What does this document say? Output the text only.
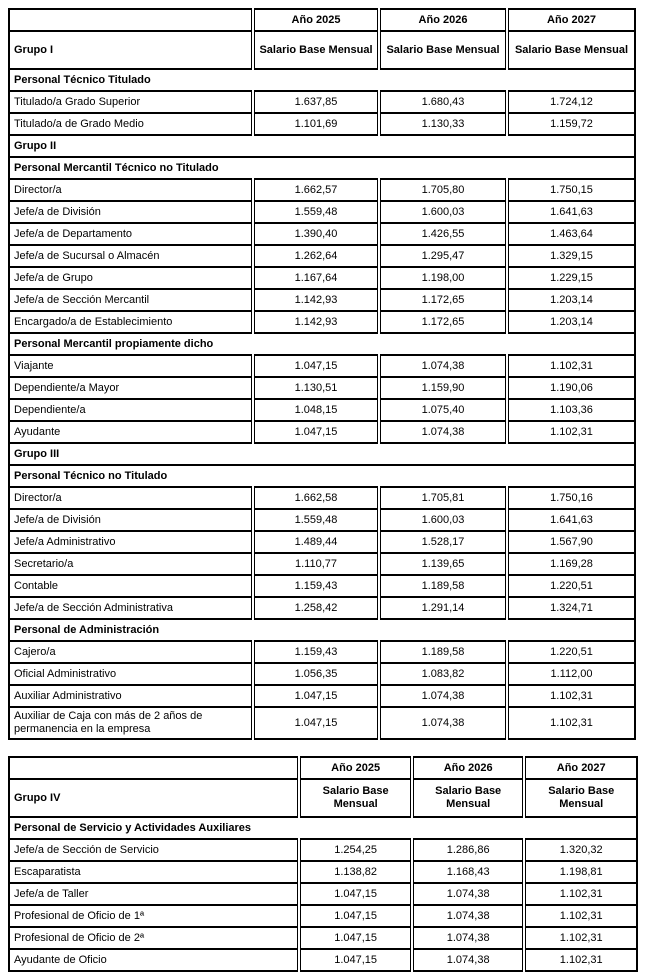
	Año 2025	Año 2026	Año 2027
Grupo I	Salario Base Mensual	Salario Base Mensual	Salario Base Mensual
Personal Técnico Titulado			
Titulado/a Grado Superior	1.637,85	1.680,43	1.724,12
Titulado/a de Grado Medio	1.101,69	1.130,33	1.159,72
Grupo II			
Personal Mercantil Técnico no Titulado			
Director/a	1.662,57	1.705,80	1.750,15
Jefe/a de División	1.559,48	1.600,03	1.641,63
Jefe/a de Departamento	1.390,40	1.426,55	1.463,64
Jefe/a de Sucursal o Almacén	1.262,64	1.295,47	1.329,15
Jefe/a de Grupo	1.167,64	1.198,00	1.229,15
Jefe/a de Sección Mercantil	1.142,93	1.172,65	1.203,14
Encargado/a de Establecimiento	1.142,93	1.172,65	1.203,14
Personal Mercantil propiamente dicho			
Viajante	1.047,15	1.074,38	1.102,31
Dependiente/a Mayor	1.130,51	1.159,90	1.190,06
Dependiente/a	1.048,15	1.075,40	1.103,36
Ayudante	1.047,15	1.074,38	1.102,31
Grupo III			
Personal Técnico no Titulado			
Director/a	1.662,58	1.705,81	1.750,16
Jefe/a de División	1.559,48	1.600,03	1.641,63
Jefe/a Administrativo	1.489,44	1.528,17	1.567,90
Secretario/a	1.110,77	1.139,65	1.169,28
Contable	1.159,43	1.189,58	1.220,51
Jefe/a de Sección Administrativa	1.258,42	1.291,14	1.324,71
Personal de Administración			
Cajero/a	1.159,43	1.189,58	1.220,51
Oficial Administrativo	1.056,35	1.083,82	1.112,00
Auxiliar Administrativo	1.047,15	1.074,38	1.102,31
Auxiliar de Caja con más de 2 años de permanencia en la empresa	1.047,15	1.074,38	1.102,31
	Año 2025	Año 2026	Año 2027
Grupo IV	Salario Base Mensual	Salario Base Mensual	Salario Base Mensual
Personal de Servicio y Actividades Auxiliares			
Jefe/a de Sección de Servicio	1.254,25	1.286,86	1.320,32
Escaparatista	1.138,82	1.168,43	1.198,81
Jefe/a de Taller	1.047,15	1.074,38	1.102,31
Profesional de Oficio de 1ª	1.047,15	1.074,38	1.102,31
Profesional de Oficio de 2ª	1.047,15	1.074,38	1.102,31
Ayudante de Oficio	1.047,15	1.074,38	1.102,31
